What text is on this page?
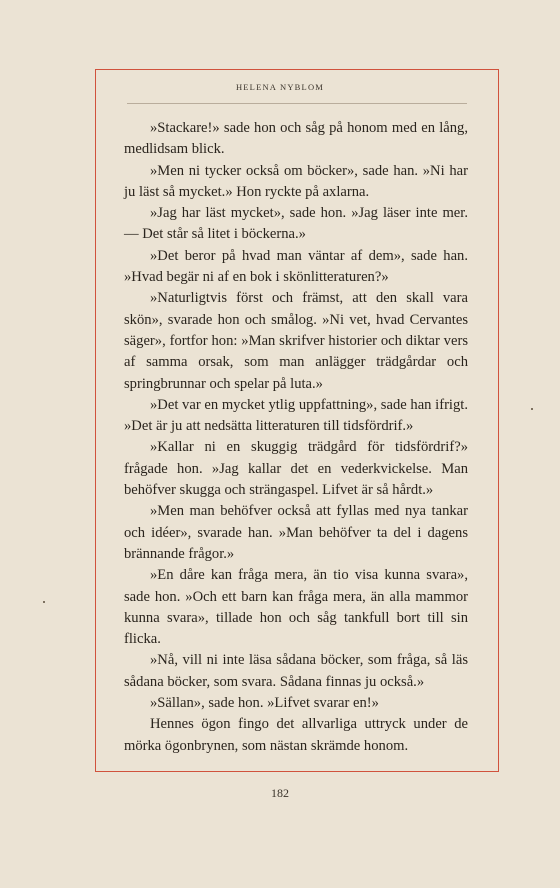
HELENA NYBLOM

»Stackare!» sade hon och såg på honom med en lång, medlidsam blick.

»Men ni tycker också om böcker», sade han. »Ni har ju läst så mycket.» Hon ryckte på axlarna.

»Jag har läst mycket», sade hon. »Jag läser inte mer. — Det står så litet i böckerna.»

»Det beror på hvad man väntar af dem», sade han. »Hvad begär ni af en bok i skönlitteraturen?»

»Naturligtvis först och främst, att den skall vara skön», svarade hon och smålog. »Ni vet, hvad Cervantes säger», fortfor hon: »Man skrifver historier och diktar vers af samma orsak, som man anlägger trädgårdar och springbrunnar och spelar på luta.»

»Det var en mycket ytlig uppfattning», sade han ifrigt. »Det är ju att nedsätta litteraturen till tidsfördrif.»

»Kallar ni en skuggig trädgård för tidsfördrif?» frågade hon. »Jag kallar det en vederkvickelse. Man behöfver skugga och strängaspel. Lifvet är så hårdt.»

»Men man behöfver också att fyllas med nya tankar och idéer», svarade han. »Man behöfver ta del i dagens brännande frågor.»

»En dåre kan fråga mera, än tio visa kunna svara», sade hon. »Och ett barn kan fråga mera, än alla mammor kunna svara», tillade hon och såg tankfull bort till sin flicka.

»Nå, vill ni inte läsa sådana böcker, som fråga, så läs sådana böcker, som svara. Sådana finnas ju också.»

»Sällan», sade hon. »Lifvet svarar en!»

Hennes ögon fingo det allvarliga uttryck under de mörka ögonbrynen, som nästan skrämde honom.

182
